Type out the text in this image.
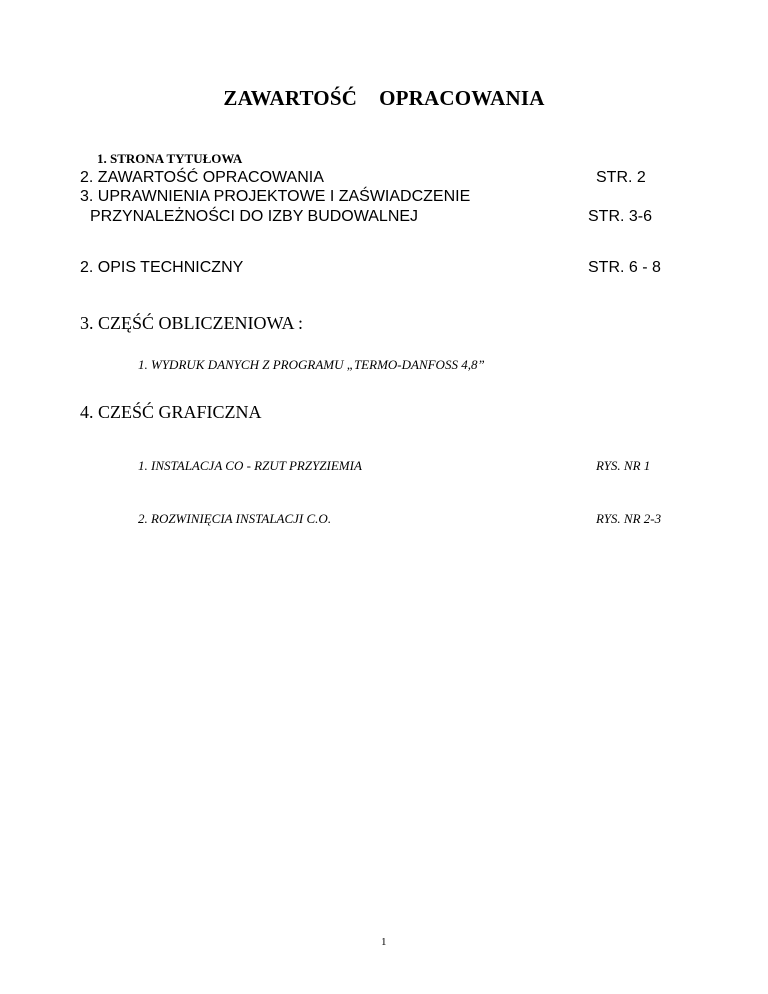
ZAWARTOŚĆ OPRACOWANIA
1. STRONA TYTUŁOWA
2. ZAWARTOŚĆ OPRACOWANIA	STR. 2
3. UPRAWNIENIA PROJEKTOWE I ZAŚWIADCZENIE
PRZYNALEŻNOŚCI DO IZBY BUDOWALNEJ	STR. 3-6
2. OPIS TECHNICZNY	STR. 6 - 8
3. CZĘŚĆ OBLICZENIOWA :
1. WYDRUK DANYCH Z PROGRAMU „TERMO-DANFOSS 4,8”
4. CZEŚĆ GRAFICZNA
1. INSTALACJA CO - RZUT PRZYZIEMIA	RYS. NR 1
2. ROZWINIĘCIA INSTALACJI C.O.	RYS. NR 2-3
1
